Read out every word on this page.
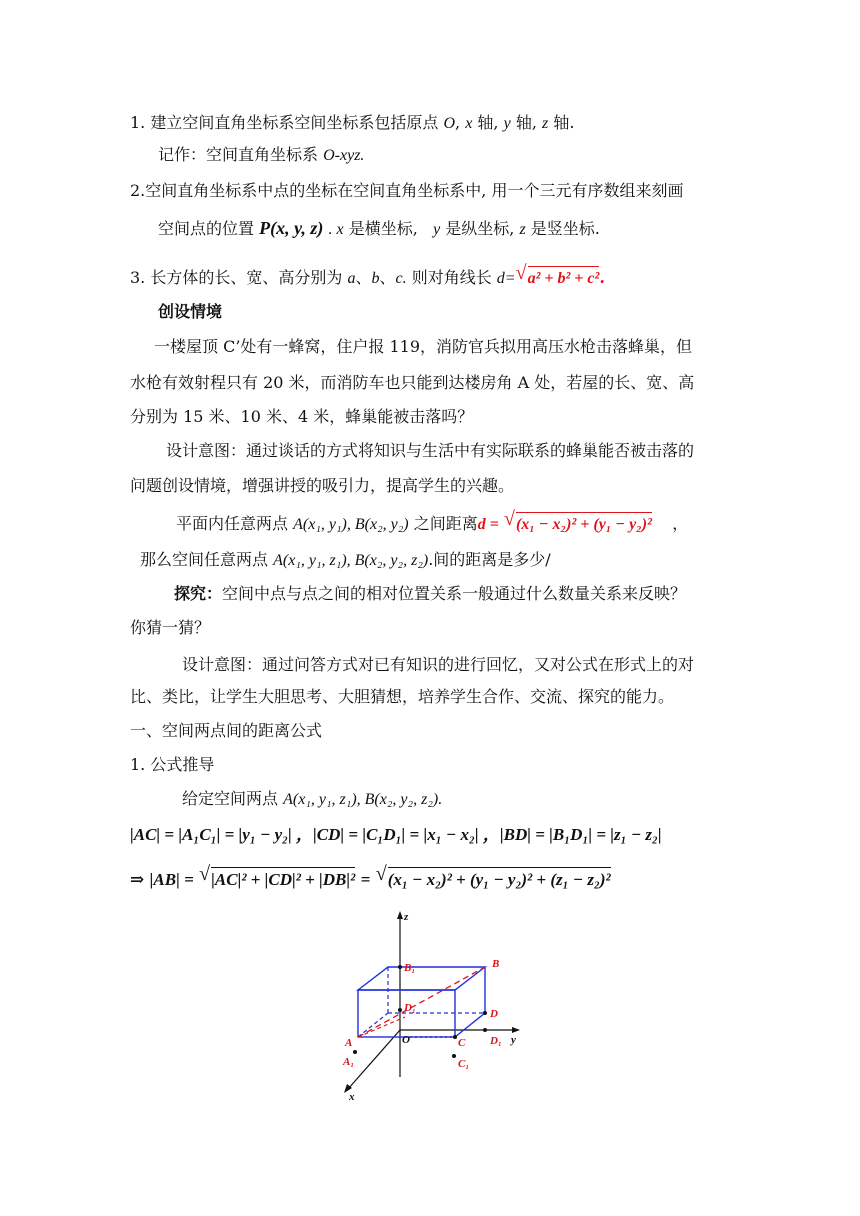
1. 建立空间直角坐标系空间坐标系包括原点 O, x 轴, y 轴, z 轴.
记作：空间直角坐标系 O-xyz.
2.空间直角坐标系中点的坐标在空间直角坐标系中, 用一个三元有序数组来刻画
空间点的位置 P(x, y, z) . x 是横坐标, y 是纵坐标, z 是竖坐标.
3. 长方体的长、宽、高分别为 a、b、c. 则对角线长 d= √ a² + b² + c².
创设情境
一楼屋顶 C’处有一蜂窝，住户报 119，消防官兵拟用高压水枪击落蜂巢，但
水枪有效射程只有 20 米，而消防车也只能到达楼房角 A 处，若屋的长、宽、高
分别为 15 米、10 米、4 米，蜂巢能被击落吗？
设计意图：通过谈话的方式将知识与生活中有实际联系的蜂巢能否被击落的
问题创设情境，增强讲授的吸引力，提高学生的兴趣。
平面内任意两点 A(x₁, y₁), B(x₂, y₂) 之间距离d = √ (x₁ − x₂)² + (y₁ − y₂)² ，
那么空间任意两点 A(x₁, y₁, z₁), B(x₂, y₂, z₂).间的距离是多少/
探究：空间中点与点之间的相对位置关系一般通过什么数量关系来反映？
你猜一猜？
设计意图：通过问答方式对已有知识的进行回忆，又对公式在形式上的对
比、类比，让学生大胆思考、大胆猜想，培养学生合作、交流、探究的能力。
一、空间两点间的距离公式
1. 公式推导
给定空间两点 A(x₁, y₁, z₁), B(x₂, y₂, z₂).
|AC| = |A₁C₁| = |y₁ − y₂| ，|CD| = |C₁D₁| = |x₁ − x₂| ，|BD| = |B₁D₁| = |z₁ − z₂|
⇒ |AB| = √ |AC|² + |CD|² + |DB|² = √ (x₁ − x₂)² + (y₁ − y₂)² + (z₁ − z₂)²
z
x
y
O
A
A₁
B
B₁
C
C₁
D
D₁
D₁
